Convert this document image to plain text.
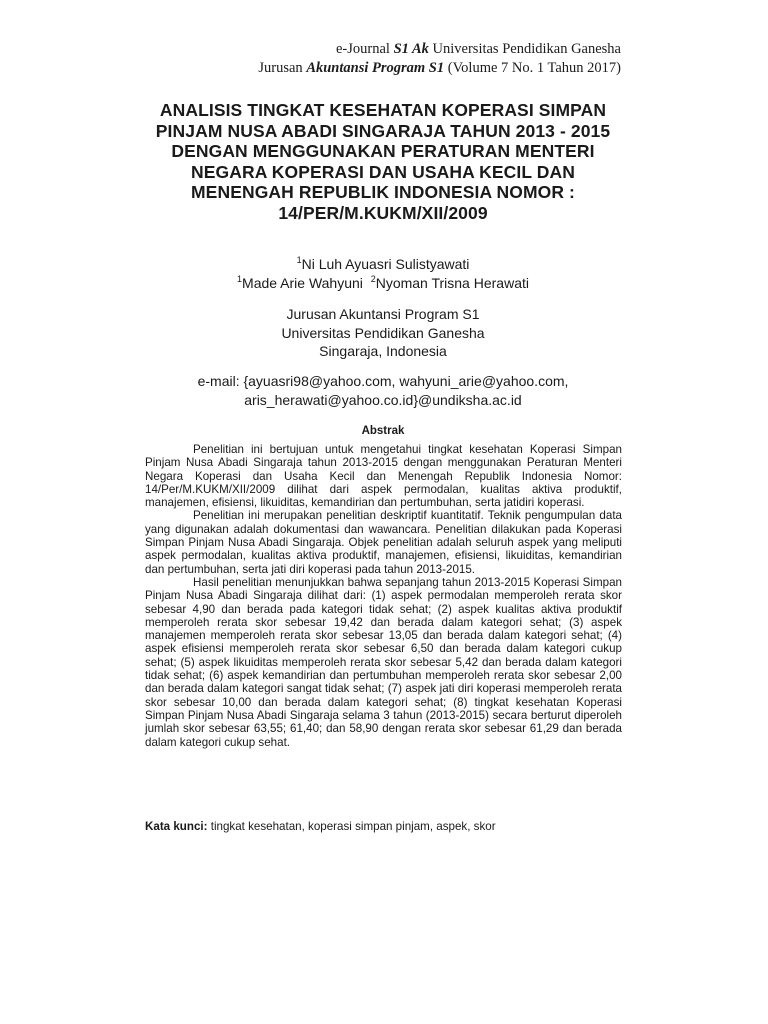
e-Journal S1 Ak Universitas Pendidikan Ganesha
Jurusan Akuntansi Program S1 (Volume 7 No. 1 Tahun 2017)
ANALISIS TINGKAT KESEHATAN KOPERASI SIMPAN
PINJAM NUSA ABADI SINGARAJA TAHUN 2013 - 2015
DENGAN MENGGUNAKAN PERATURAN MENTERI
NEGARA KOPERASI DAN USAHA KECIL DAN
MENENGAH REPUBLIK INDONESIA NOMOR :
14/PER/M.KUKM/XII/2009
$^1$Ni Luh Ayuasri Sulistyawati
$^1$Made Arie Wahyuni $^2$Nyoman Trisna Herawati
Jurusan Akuntansi Program S1
Universitas Pendidikan Ganesha
Singaraja, Indonesia
e-mail: {ayuasri98@yahoo.com, wahyuni_arie@yahoo.com,
aris_herawati@yahoo.co.id}@undiksha.ac.id
Abstrak

Penelitian ini bertujuan untuk mengetahui tingkat kesehatan Koperasi Simpan Pinjam Nusa Abadi Singaraja tahun 2013-2015 dengan menggunakan Peraturan Menteri Negara Koperasi dan Usaha Kecil dan Menengah Republik Indonesia Nomor: 14/Per/M.KUKM/XII/2009 dilihat dari aspek permodalan, kualitas aktiva produktif, manajemen, efisiensi, likuiditas, kemandirian dan pertumbuhan, serta jatidiri koperasi.

Penelitian ini merupakan penelitian deskriptif kuantitatif. Teknik pengumpulan data yang digunakan adalah dokumentasi dan wawancara. Penelitian dilakukan pada Koperasi Simpan Pinjam Nusa Abadi Singaraja. Objek penelitian adalah seluruh aspek yang meliputi aspek permodalan, kualitas aktiva produktif, manajemen, efisiensi, likuiditas, kemandirian dan pertumbuhan, serta jati diri koperasi pada tahun 2013-2015.

Hasil penelitian menunjukkan bahwa sepanjang tahun 2013-2015 Koperasi Simpan Pinjam Nusa Abadi Singaraja dilihat dari: (1) aspek permodalan memperoleh rerata skor sebesar 4,90 dan berada pada kategori tidak sehat; (2) aspek kualitas aktiva produktif memperoleh rerata skor sebesar 19,42 dan berada dalam kategori sehat; (3) aspek manajemen memperoleh rerata skor sebesar 13,05 dan berada dalam kategori sehat; (4) aspek efisiensi memperoleh rerata skor sebesar 6,50 dan berada dalam kategori cukup sehat; (5) aspek likuiditas memperoleh rerata skor sebesar 5,42 dan berada dalam kategori tidak sehat; (6) aspek kemandirian dan pertumbuhan memperoleh rerata skor sebesar 2,00 dan berada dalam kategori sangat tidak sehat; (7) aspek jati diri koperasi memperoleh rerata skor sebesar 10,00 dan berada dalam kategori sehat; (8) tingkat kesehatan Koperasi Simpan Pinjam Nusa Abadi Singaraja selama 3 tahun (2013-2015) secara berturut diperoleh jumlah skor sebesar 63,55; 61,40; dan 58,90 dengan rerata skor sebesar 61,29 dan berada dalam kategori cukup sehat.

Kata kunci: tingkat kesehatan, koperasi simpan pinjam, aspek, skor
